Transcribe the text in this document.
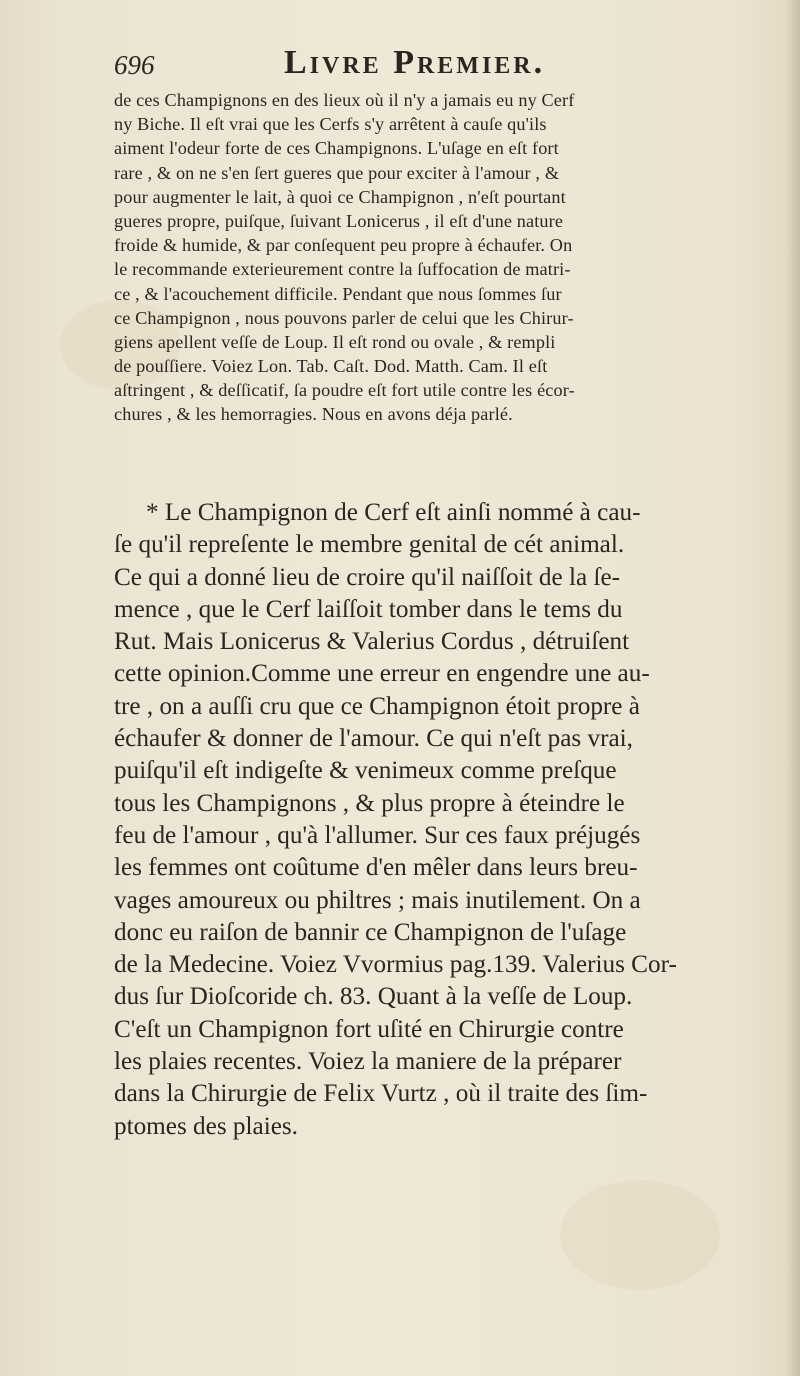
696	Livre Premier.
de ces Champignons en des lieux où il n'y a jamais eu ny Cerf
ny Biche. Il eſt vrai que les Cerfs s'y arrêtent à cauſe qu'ils
aiment l'odeur forte de ces Champignons. L'uſage en eſt fort
rare , & on ne s'en ſert gueres que pour exciter à l'amour , &
pour augmenter le lait, à quoi ce Champignon , n'eſt pourtant
gueres propre, puiſque, ſuivant Lonicerus , il eſt d'une nature
froide & humide, & par conſequent peu propre à échaufer. On
le recommande exterieurement contre la ſuffocation de matri-
ce , & l'acouchement difficile. Pendant que nous ſommes ſur
ce Champignon , nous pouvons parler de celui que les Chirur-
giens apellent veſſe de Loup. Il eſt rond ou ovale , & rempli
de pouſſiere. Voiez Lon. Tab. Caſt. Dod. Matth. Cam. Il eſt
aſtringent , & deſſicatif, ſa poudre eſt fort utile contre les écor-
chures , & les hemorragies. Nous en avons déja parlé.
* Le Champignon de Cerf eſt ainſi nommé à cau-
ſe qu'il repreſente le membre genital de cét animal.
Ce qui a donné lieu de croire qu'il naiſſoit de la ſe-
mence , que le Cerf laiſſoit tomber dans le tems du
Rut. Mais Lonicerus & Valerius Cordus , détruiſent
cette opinion.Comme une erreur en engendre une au-
tre , on a auſſi cru que ce Champignon étoit propre à
échaufer & donner de l'amour. Ce qui n'eſt pas vrai,
puiſqu'il eſt indigeſte & venimeux comme preſque
tous les Champignons , & plus propre à éteindre le
feu de l'amour , qu'à l'allumer. Sur ces faux préjugés
les femmes ont coûtume d'en mêler dans leurs breu-
vages amoureux ou philtres ; mais inutilement. On a
donc eu raiſon de bannir ce Champignon de l'uſage
de la Medecine. Voiez Vvormius pag.139. Valerius Cor-
dus ſur Dioſcoride ch. 83. Quant à la veſſe de Loup.
C'eſt un Champignon fort uſité en Chirurgie contre
les plaies recentes. Voiez la maniere de la préparer
dans la Chirurgie de Felix Vurtz , où il traite des ſim-
ptomes des plaies.
